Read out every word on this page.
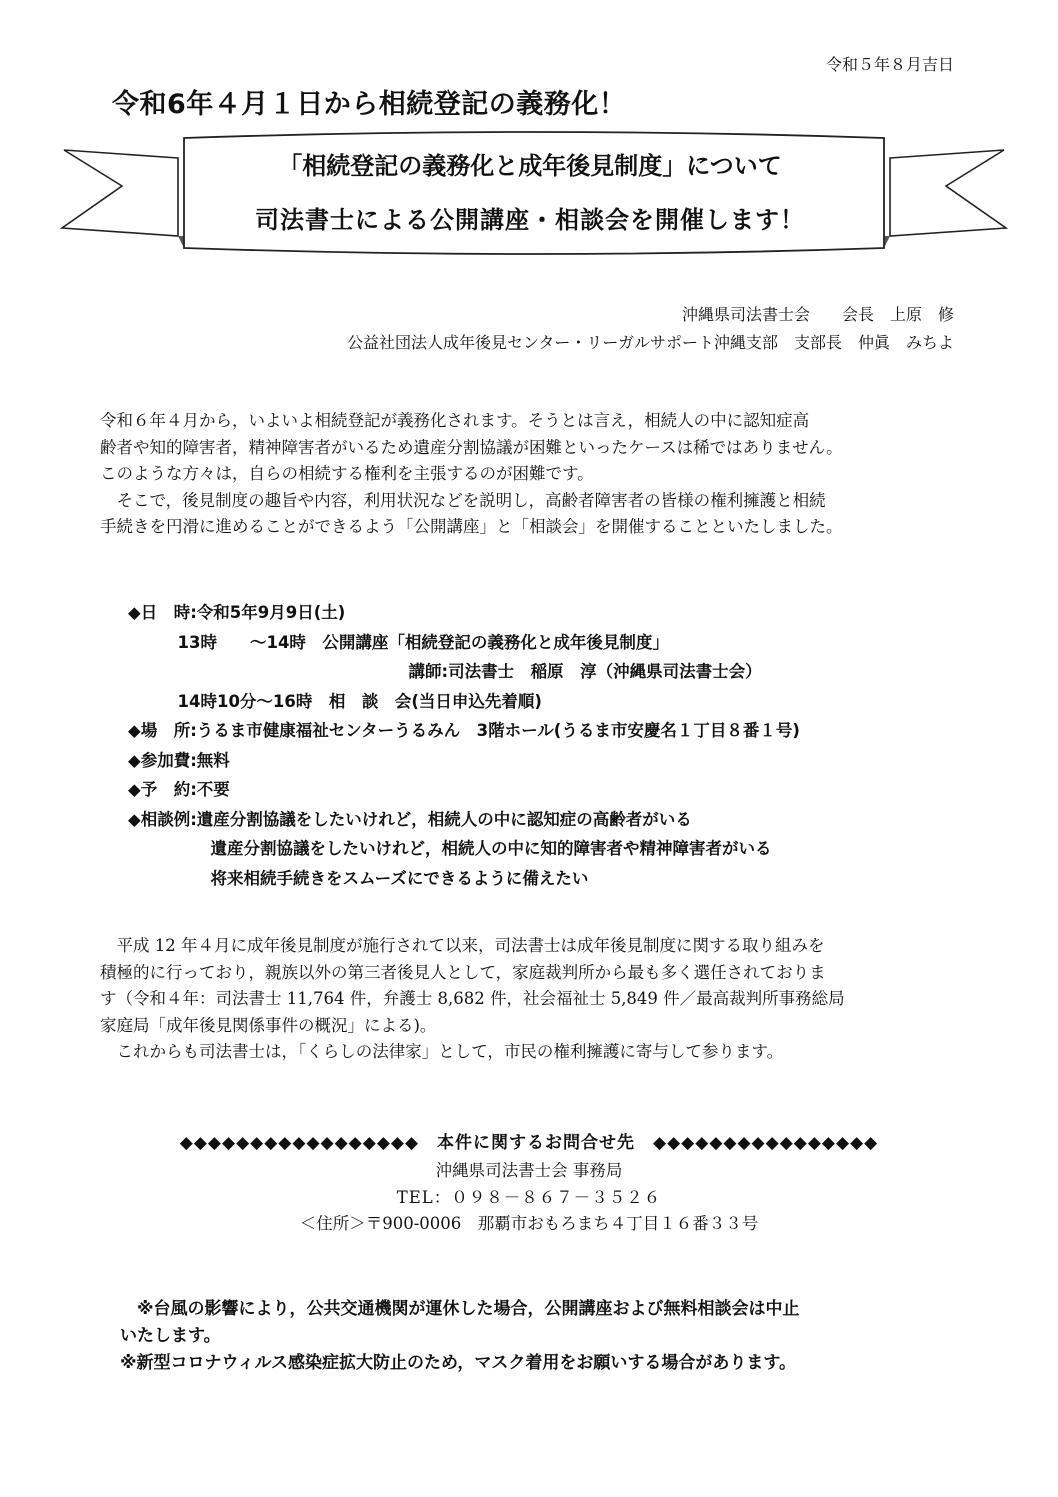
令和５年８月吉日
令和6年４月１日から相続登記の義務化！
「相続登記の義務化と成年後見制度」について
司法書士による公開講座・相談会を開催します！
沖縄県司法書士会　　会長　上原　修
公益社団法人成年後見センター・リーガルサポート沖縄支部　支部長　仲眞　みちよ

令和６年４月から，いよいよ相続登記が義務化されます。そうとは言え，相続人の中に認知症高

齢者や知的障害者，精神障害者がいるため遺産分割協議が困難といったケースは稀ではありません。

このような方々は，自らの相続する権利を主張するのが困難です。

　そこで，後見制度の趣旨や内容，利用状況などを説明し，高齢者障害者の皆様の権利擁護と相続

手続きを円滑に進めることができるよう「公開講座」と「相談会」を開催することといたしました。

◆日　時:令和5年9月9日(土)
　　　13時　　～14時　公開講座「相続登記の義務化と成年後見制度」
　　　　　　　　　　　　　　　　　講師:司法書士　稲原　淳（沖縄県司法書士会）
　　　14時10分～16時　相　談　会(当日申込先着順)
◆場　所:うるま市健康福祉センターうるみん　3階ホール(うるま市安慶名１丁目８番１号)
◆参加費:無料
◆予　約:不要
◆相談例:遺産分割協議をしたいけれど，相続人の中に認知症の高齢者がいる
　　　　　遺産分割協議をしたいけれど，相続人の中に知的障害者や精神障害者がいる
　　　　　将来相続手続きをスムーズにできるように備えたい

　平成 12 年４月に成年後見制度が施行されて以来，司法書士は成年後見制度に関する取り組みを

積極的に行っており，親族以外の第三者後見人として，家庭裁判所から最も多く選任されておりま

す（令和４年：司法書士 11,764 件，弁護士 8,682 件，社会福祉士 5,849 件／最高裁判所事務総局

家庭局「成年後見関係事件の概況」による)。

　これからも司法書士は，「くらしの法律家」として，市民の権利擁護に寄与して参ります。

◆◆◆◆◆◆◆◆◆◆◆◆◆◆◆◆◆　本件に関するお問合せ先　◆◆◆◆◆◆◆◆◆◆◆◆◆◆◆◆
沖縄県司法書士会 事務局
TEL：０９８－８６７－３５２６
＜住所＞〒900-0006　那覇市おもろまち４丁目１６番３３号
　※台風の影響により，公共交通機関が運休した場合，公開講座および無料相談会は中止
いたします。
※新型コロナウィルス感染症拡大防止のため，マスク着用をお願いする場合があります。
